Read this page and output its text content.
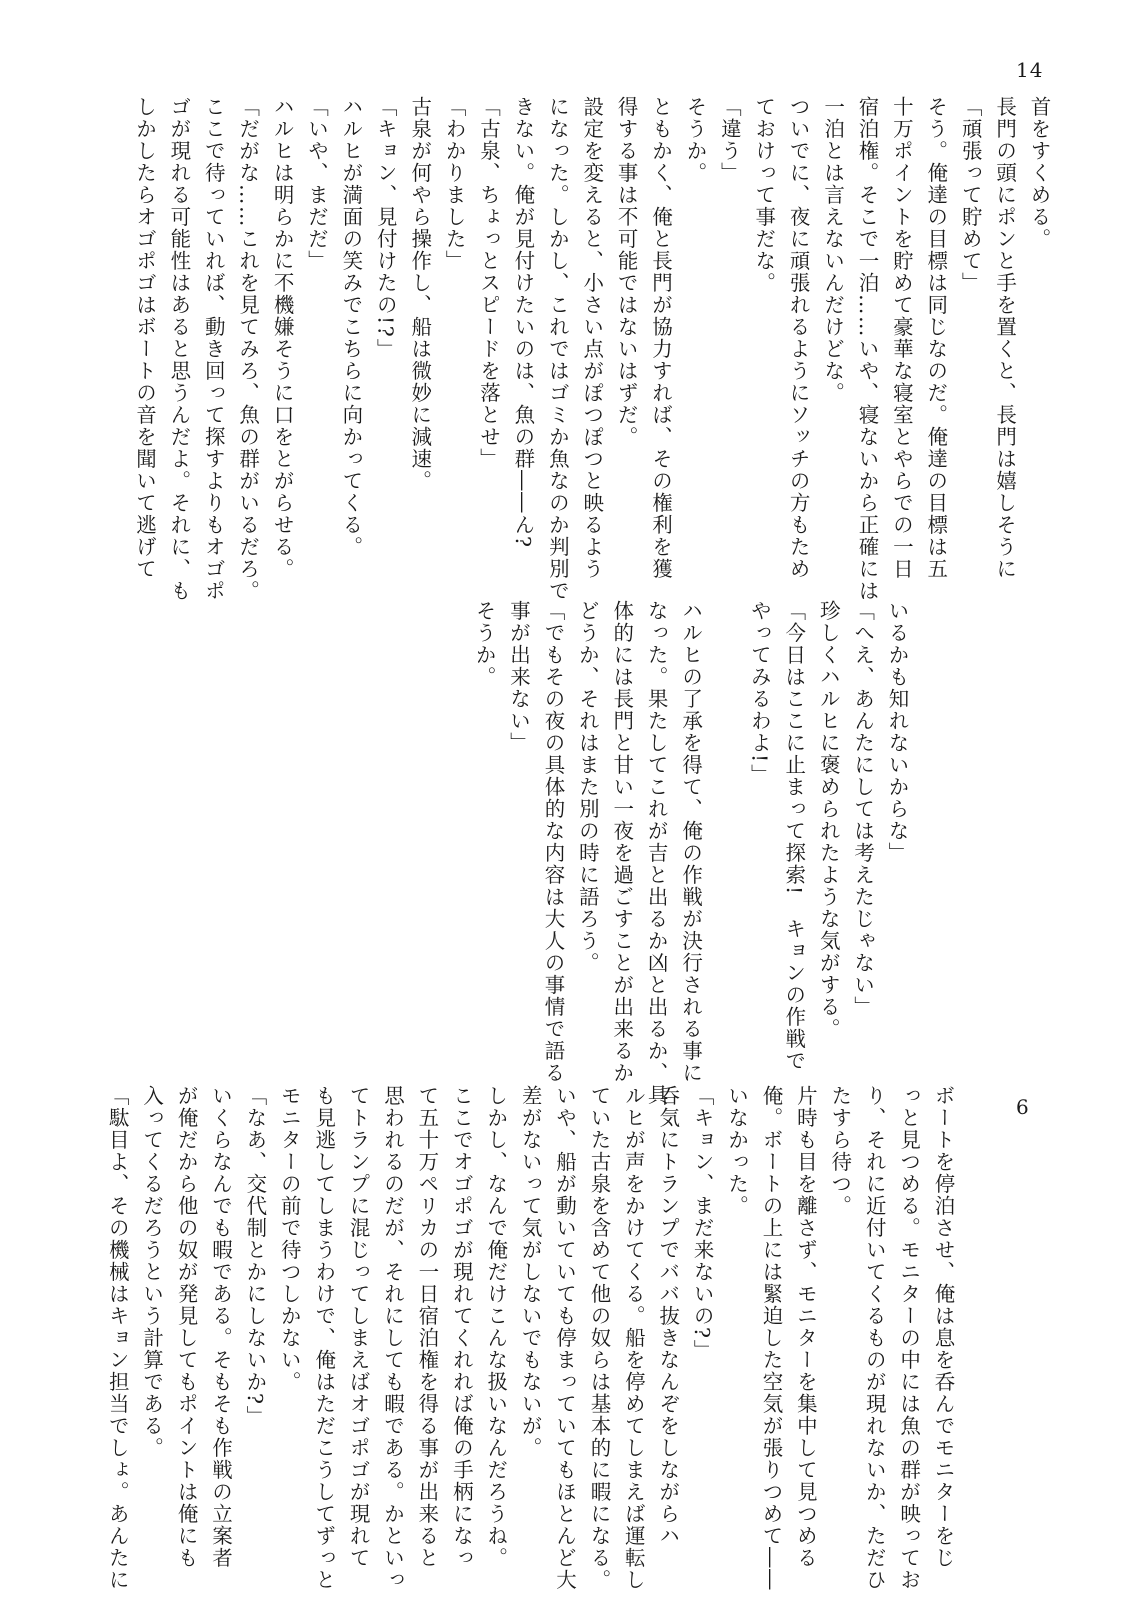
14
6
首をすくめる。
長門の頭にポンと手を置くと、長門は嬉しそうに
「頑張って貯めて」
そう。俺達の目標は同じなのだ。俺達の目標は五
十万ポイントを貯めて豪華な寝室とやらでの一日
宿泊権。そこで一泊……いや、寝ないから正確には
一泊とは言えないんだけどな。
ついでに、夜に頑張れるようにソッチの方もため
ておけって事だな。
「違う」
そうか。
ともかく、俺と長門が協力すれば、その権利を獲
得する事は不可能ではないはずだ。
設定を変えると、小さい点がぽつぽつと映るよう
になった。しかし、これではゴミか魚なのか判別で
きない。俺が見付けたいのは、魚の群――ん?
「古泉、ちょっとスピードを落とせ」
「わかりました」
古泉が何やら操作し、船は微妙に減速。
「キョン、見付けたの!?」
ハルヒが満面の笑みでこちらに向かってくる。
「いや、まだだ」
ハルヒは明らかに不機嫌そうに口をとがらせる。
「だがな……これを見てみろ、魚の群がいるだろ。
ここで待っていれば、動き回って探すよりもオゴポ
ゴが現れる可能性はあると思うんだよ。それに、も
しかしたらオゴポゴはボートの音を聞いて逃げて
いるかも知れないからな」
「へえ、あんたにしては考えたじゃない」
珍しくハルヒに褒められたような気がする。
「今日はここに止まって探索!　キョンの作戦で
やってみるわよ!」

ハルヒの了承を得て、俺の作戦が決行される事に
なった。果たしてこれが吉と出るか凶と出るか、具
体的には長門と甘い一夜を過ごすことが出来るか
どうか、それはまた別の時に語ろう。
「でもその夜の具体的な内容は大人の事情で語る
事が出来ない」
そうか。
ボートを停泊させ、俺は息を呑んでモニターをじ
っと見つめる。モニターの中には魚の群が映ってお
り、それに近付いてくるものが現れないか、ただひ
たすら待つ。
片時も目を離さず、モニターを集中して見つめる
俺。ボートの上には緊迫した空気が張りつめて――
いなかった。
「キョン、まだ来ないの?」
呑気にトランプでババ抜きなんぞをしながらハ
ルヒが声をかけてくる。船を停めてしまえば運転し
ていた古泉を含めて他の奴らは基本的に暇になる。
いや、船が動いていても停まっていてもほとんど大
差がないって気がしないでもないが。
しかし、なんで俺だけこんな扱いなんだろうね。
ここでオゴポゴが現れてくれれば俺の手柄になっ
て五十万ペリカの一日宿泊権を得る事が出来ると
思われるのだが、それにしても暇である。かといっ
てトランプに混じってしまえばオゴポゴが現れて
も見逃してしまうわけで、俺はただこうしてずっと
モニターの前で待つしかない。
「なあ、交代制とかにしないか?」
いくらなんでも暇である。そもそも作戦の立案者
が俺だから他の奴が発見してもポイントは俺にも
入ってくるだろうという計算である。
「駄目よ、その機械はキョン担当でしょ。あんたに
